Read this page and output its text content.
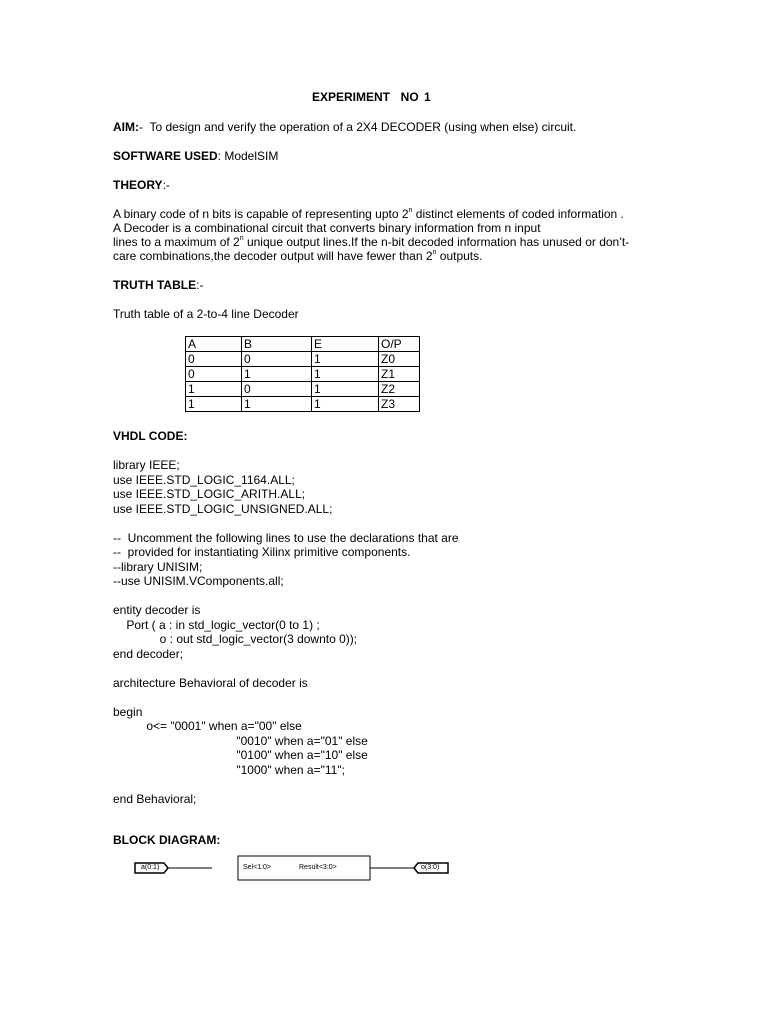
EXPERIMENT  NO 1
AIM:-  To design and verify the operation of a 2X4 DECODER (using when else) circuit.
SOFTWARE USED: ModelSIM
THEORY:-
A binary code of n bits is capable of representing upto 2$^n$ distinct elements of coded information .
A Decoder is a combinational circuit that converts binary information from n input
lines to a maximum of 2$^n$ unique output lines.If the n-bit decoded information has unused or don’t-
care combinations,the decoder output will have fewer than 2$^n$ outputs.
TRUTH TABLE:-
Truth table of a 2-to-4 line Decoder
A	B	E	O/P
0	0	1	Z0
0	1	1	Z1
1	0	1	Z2
1	1	1	Z3
VHDL CODE:
library IEEE;
use IEEE.STD_LOGIC_1164.ALL;
use IEEE.STD_LOGIC_ARITH.ALL;
use IEEE.STD_LOGIC_UNSIGNED.ALL;
--  Uncomment the following lines to use the declarations that are
--  provided for instantiating Xilinx primitive components.
--library UNISIM;
--use UNISIM.VComponents.all;
entity decoder is
Port ( a : in std_logic_vector(0 to 1) ;
o : out std_logic_vector(3 downto 0));
end decoder;
architecture Behavioral of decoder is
begin
o<= "0001" when a="00" else
"0010" when a="01" else
"0100" when a="10" else
"1000" when a="11";
end Behavioral;
BLOCK DIAGRAM:
a(0:1)	Sel<1:0>	Result<3:0>	o(3:0)
